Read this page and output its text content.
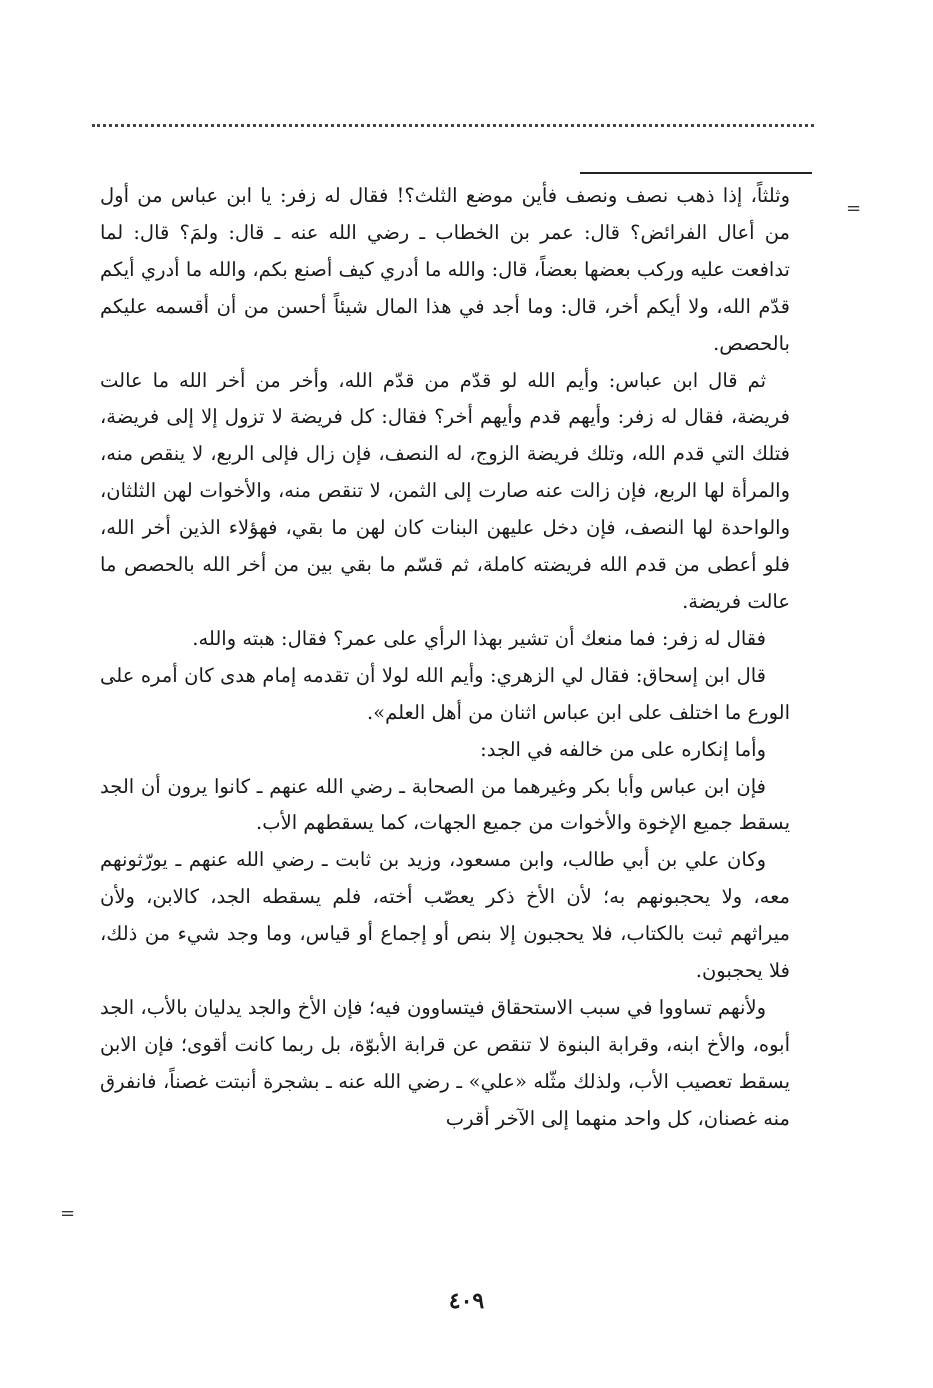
=
=

وثلثاً، إذا ذهب نصف ونصف فأين موضع الثلث؟! فقال له زفر: يا ابن عباس من أول من أعال الفرائض؟ قال: عمر بن الخطاب ـ رضي الله عنه ـ قال: ولمَ؟ قال: لما تدافعت عليه وركب بعضها بعضاً، قال: والله ما أدري كيف أصنع بكم، والله ما أدري أيكم قدّم الله، ولا أيكم أخر، قال: وما أجد في هذا المال شيئاً أحسن من أن أقسمه عليكم بالحصص.

ثم قال ابن عباس: وأيم الله لو قدّم من قدّم الله، وأخر من أخر الله ما عالت فريضة، فقال له زفر: وأيهم قدم وأيهم أخر؟ فقال: كل فريضة لا تزول إلا إلى فريضة، فتلك التي قدم الله، وتلك فريضة الزوج، له النصف، فإن زال فإلى الربع، لا ينقص منه، والمرأة لها الربع، فإن زالت عنه صارت إلى الثمن، لا تنقص منه، والأخوات لهن الثلثان، والواحدة لها النصف، فإن دخل عليهن البنات كان لهن ما بقي، فهؤلاء الذين أخر الله، فلو أعطى من قدم الله فريضته كاملة، ثم قسّم ما بقي بين من أخر الله بالحصص ما عالت فريضة.

فقال له زفر: فما منعك أن تشير بهذا الرأي على عمر؟ فقال: هبته والله.

قال ابن إسحاق: فقال لي الزهري: وأيم الله لولا أن تقدمه إمام هدى كان أمره على الورع ما اختلف على ابن عباس اثنان من أهل العلم».

وأما إنكاره على من خالفه في الجد:

فإن ابن عباس وأبا بكر وغيرهما من الصحابة ـ رضي الله عنهم ـ كانوا يرون أن الجد يسقط جميع الإخوة والأخوات من جميع الجهات، كما يسقطهم الأب.

وكان علي بن أبي طالب، وابن مسعود، وزيد بن ثابت ـ رضي الله عنهم ـ يورّثونهم معه، ولا يحجبونهم به؛ لأن الأخ ذكر يعصّب أخته، فلم يسقطه الجد، كالابن، ولأن ميراثهم ثبت بالكتاب، فلا يحجبون إلا بنص أو إجماع أو قياس، وما وجد شيء من ذلك، فلا يحجبون.

ولأنهم تساووا في سبب الاستحقاق فيتساوون فيه؛ فإن الأخ والجد يدليان بالأب، الجد أبوه، والأخ ابنه، وقرابة البنوة لا تنقص عن قرابة الأبوّة، بل ربما كانت أقوى؛ فإن الابن يسقط تعصيب الأب، ولذلك مثّله «علي» ـ رضي الله عنه ـ بشجرة أنبتت غصناً، فانفرق منه غصنان، كل واحد منهما إلى الآخر أقرب

٤٠٩
